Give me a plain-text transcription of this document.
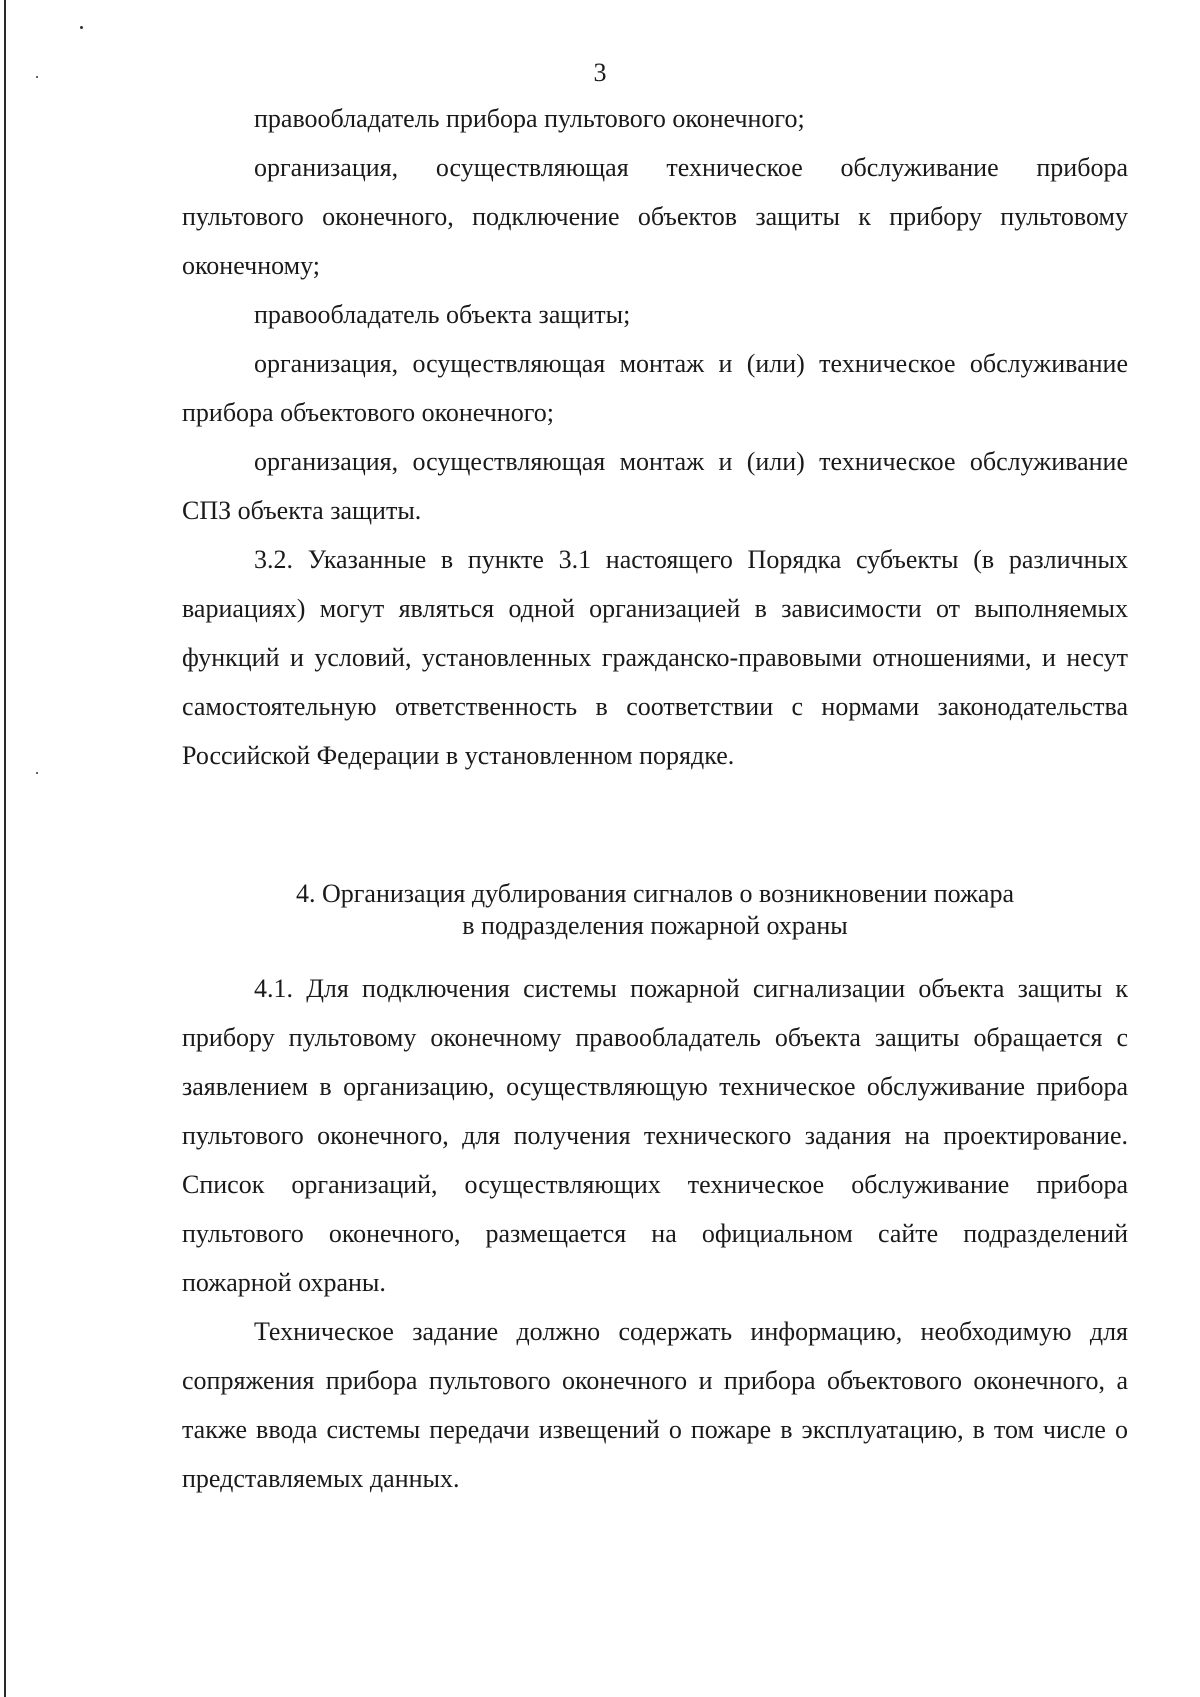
3

правообладатель прибора пультового оконечного;

организация, осуществляющая техническое обслуживание прибора пультового оконечного, подключение объектов защиты к прибору пультовому оконечному;

правообладатель объекта защиты;

организация, осуществляющая монтаж и (или) техническое обслуживание прибора объектового оконечного;

организация, осуществляющая монтаж и (или) техническое обслуживание СПЗ объекта защиты.

3.2. Указанные в пункте 3.1 настоящего Порядка субъекты (в различных вариациях) могут являться одной организацией в зависимости от выполняемых функций и условий, установленных гражданско-правовыми отношениями, и несут самостоятельную ответственность в соответствии с нормами законодательства Российской Федерации в установленном порядке.

4. Организация дублирования сигналов о возникновении пожара
в подразделения пожарной охраны

4.1. Для подключения системы пожарной сигнализации объекта защиты к прибору пультовому оконечному правообладатель объекта защиты обращается с заявлением в организацию, осуществляющую техническое обслуживание прибора пультового оконечного, для получения технического задания на проектирование. Список организаций, осуществляющих техническое обслуживание прибора пультового оконечного, размещается на официальном сайте подразделений пожарной охраны.

Техническое задание должно содержать информацию, необходимую для сопряжения прибора пультового оконечного и прибора объектового оконечного, а также ввода системы передачи извещений о пожаре в эксплуатацию, в том числе о представляемых данных.
